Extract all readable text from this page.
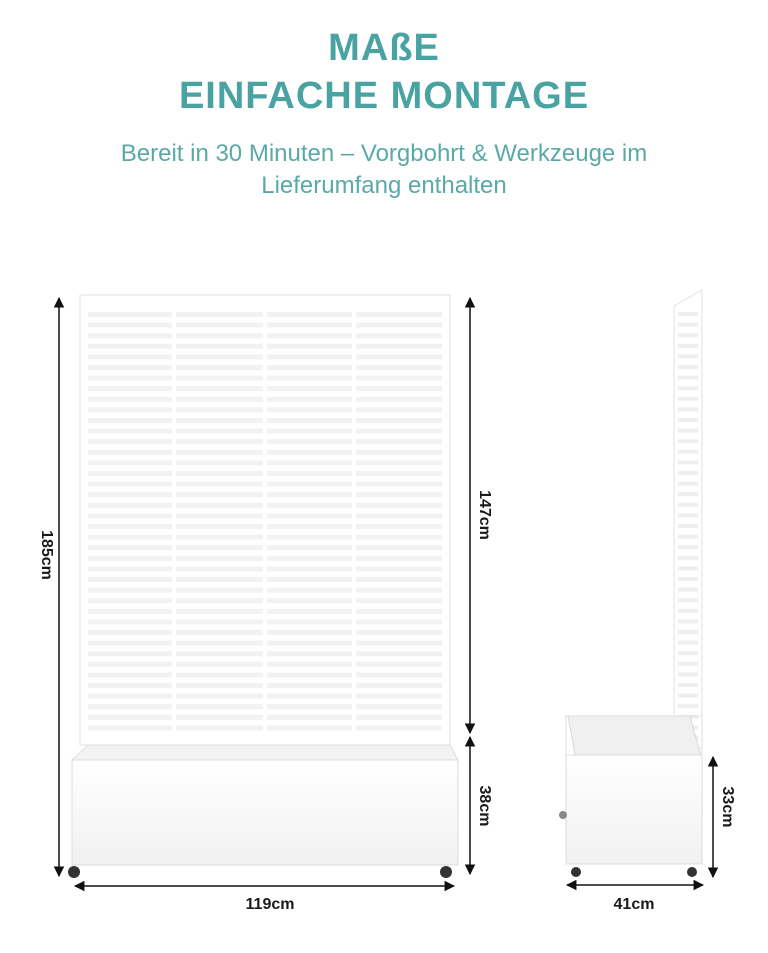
MAßE
EINFACHE MONTAGE

Bereit in 30 Minuten – Vorgbohrt & Werkzeuge im
Lieferumfang enthalten

185cm
147cm
38cm
119cm
33cm
41cm
